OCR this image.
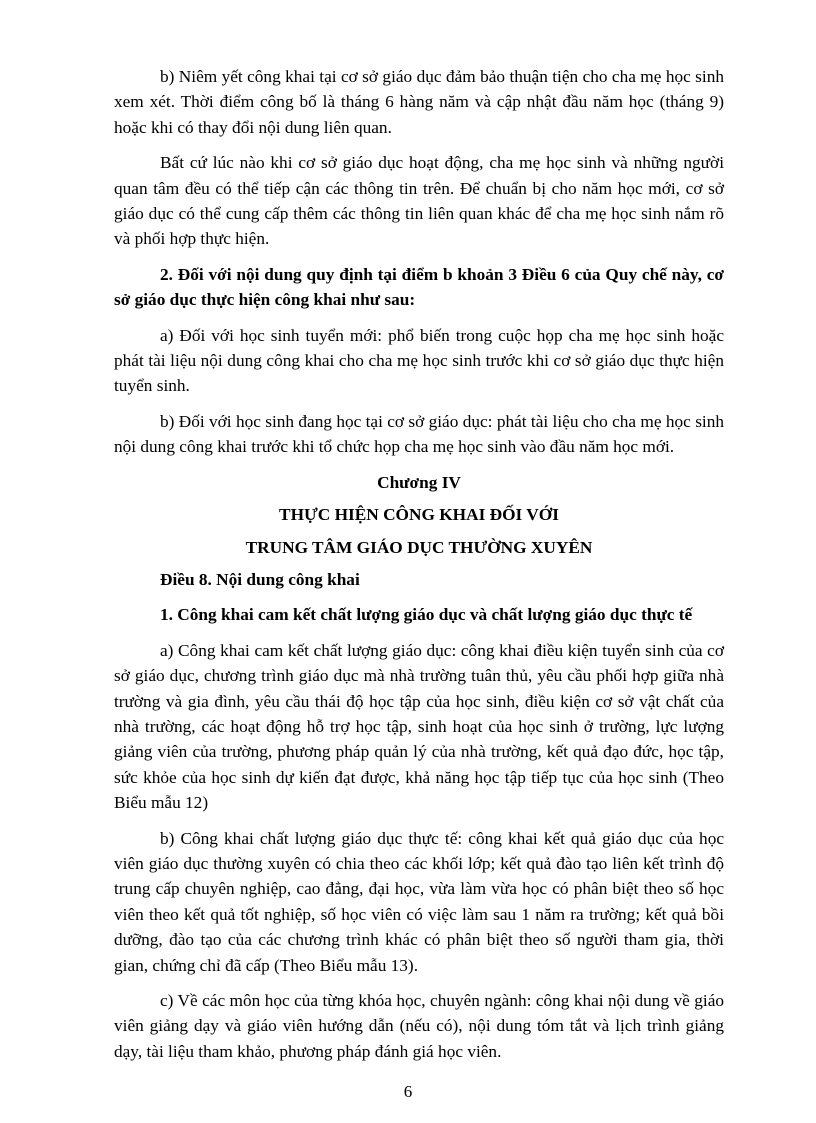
b) Niêm yết công khai tại cơ sở giáo dục đảm bảo thuận tiện cho cha mẹ học sinh xem xét. Thời điểm công bố là tháng 6 hàng năm và cập nhật đầu năm học (tháng 9) hoặc khi có thay đổi nội dung liên quan.

Bất cứ lúc nào khi cơ sở giáo dục hoạt động, cha mẹ học sinh và những người quan tâm đều có thể tiếp cận các thông tin trên. Để chuẩn bị cho năm học mới, cơ sở giáo dục có thể cung cấp thêm các thông tin liên quan khác để cha mẹ học sinh nắm rõ và phối hợp thực hiện.

2. Đối với nội dung quy định tại điểm b khoản 3 Điều 6 của Quy chế này, cơ sở giáo dục thực hiện công khai như sau:

a) Đối với học sinh tuyển mới: phổ biến trong cuộc họp cha mẹ học sinh hoặc phát tài liệu nội dung công khai cho cha mẹ học sinh trước khi cơ sở giáo dục thực hiện tuyển sinh.

b) Đối với học sinh đang học tại cơ sở giáo dục: phát tài liệu cho cha mẹ học sinh nội dung công khai trước khi tổ chức họp cha mẹ học sinh vào đầu năm học mới.

Chương IV

THỰC HIỆN CÔNG KHAI ĐỐI VỚI

TRUNG TÂM GIÁO DỤC THƯỜNG XUYÊN

Điều 8. Nội dung công khai

1. Công khai cam kết chất lượng giáo dục và chất lượng giáo dục thực tế

a) Công khai cam kết chất lượng giáo dục: công khai điều kiện tuyển sinh của cơ sở giáo dục, chương trình giáo dục mà nhà trường tuân thủ, yêu cầu phối hợp giữa nhà trường và gia đình, yêu cầu thái độ học tập của học sinh, điều kiện cơ sở vật chất của nhà trường, các hoạt động hỗ trợ học tập, sinh hoạt của học sinh ở trường, lực lượng giảng viên của trường, phương pháp quản lý của nhà trường, kết quả đạo đức, học tập, sức khỏe của học sinh dự kiến đạt được, khả năng học tập tiếp tục của học sinh (Theo Biểu mẫu 12)

b) Công khai chất lượng giáo dục thực tế: công khai kết quả giáo dục của học viên giáo dục thường xuyên có chia theo các khối lớp; kết quả đào tạo liên kết trình độ trung cấp chuyên nghiệp, cao đẳng, đại học, vừa làm vừa học có phân biệt theo số học viên theo kết quả tốt nghiệp, số học viên có việc làm sau 1 năm ra trường; kết quả bồi dưỡng, đào tạo của các chương trình khác có phân biệt theo số người tham gia, thời gian, chứng chỉ đã cấp (Theo Biểu mẫu 13).

c) Về các môn học của từng khóa học, chuyên ngành: công khai nội dung về giáo viên giảng dạy và giáo viên hướng dẫn (nếu có), nội dung tóm tắt và lịch trình giảng dạy, tài liệu tham khảo, phương pháp đánh giá học viên.

6
